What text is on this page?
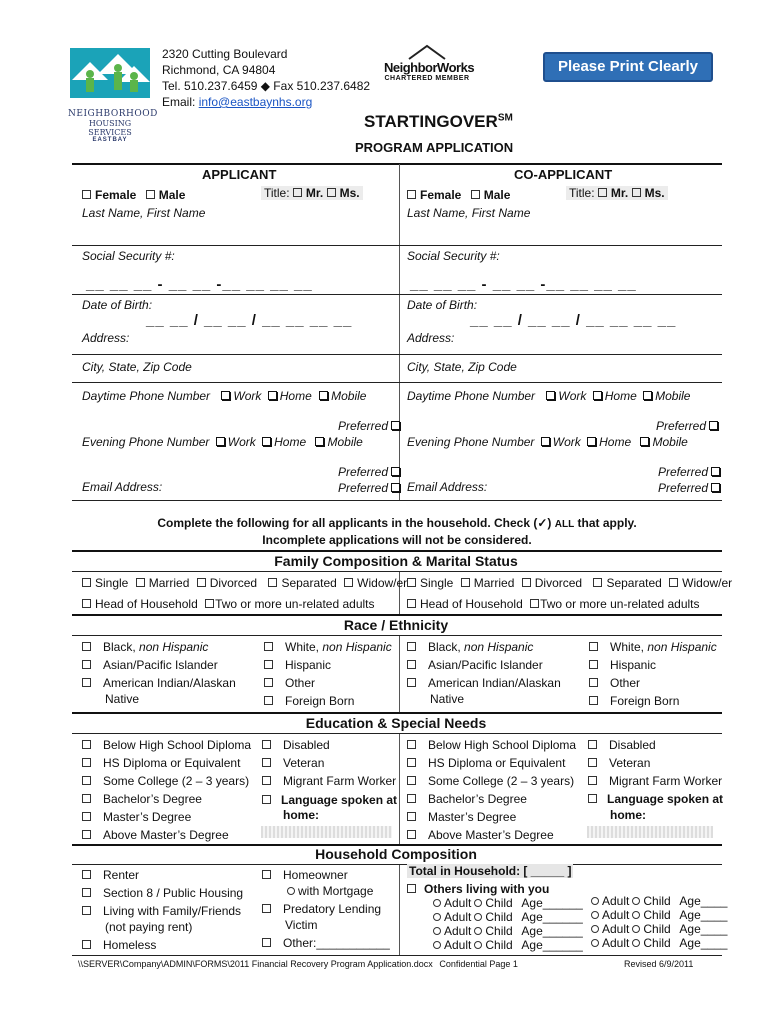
NEIGHBORHOOD
HOUSING SERVICES
EASTBAY
2320 Cutting Boulevard
Richmond, CA 94804
Tel. 510.237.6459 ◆ Fax 510.237.6482
Email: info@eastbaynhs.org
NeighborWorks
CHARTERED MEMBER
Please Print Clearly
STARTINGOVER℠
PROGRAM APPLICATION
APPLICANT	CO-APPLICANT
Female Male	Title: Mr. Ms.	Female Male	Title: Mr. Ms.
Last Name, First Name	Last Name, First Name
Social Security #:	Social Security #:
__ __ __ - __ __ -__ __ __ __	__ __ __ - __ __ -__ __ __ __
Date of Birth:	Date of Birth:
__ __ / __ __ / __ __ __ __	__ __ / __ __ / __ __ __ __
Address:	Address:
City, State, Zip Code	City, State, Zip Code
Daytime Phone Number Work Home Mobile	Daytime Phone Number Work Home Mobile
Preferred	Preferred
Evening Phone Number Work Home Mobile	Evening Phone Number Work Home Mobile
Preferred	Preferred
Email Address:	Preferred	Email Address:	Preferred
Complete the following for all applicants in the household. Check (✓) ALL that apply.
Incomplete applications will not be considered.
Family Composition & Marital Status
Single Married Divorced Separated Widow/er	Single Married Divorced Separated Widow/er
Head of Household Two or more un-related adults	Head of Household Two or more un-related adults
Race / Ethnicity
Black, non Hispanic
Asian/Pacific Islander
American Indian/Alaskan
Native
White, non Hispanic
Hispanic
Other
Foreign Born
Black, non Hispanic
Asian/Pacific Islander
American Indian/Alaskan
Native
White, non Hispanic
Hispanic
Other
Foreign Born
Education & Special Needs
Below High School Diploma
HS Diploma or Equivalent
Some College (2 – 3 years)
Bachelor’s Degree
Master’s Degree
Above Master’s Degree
Disabled
Veteran
Migrant Farm Worker
Below High School Diploma
HS Diploma or Equivalent
Some College (2 – 3 years)
Bachelor’s Degree
Master’s Degree
Above Master’s Degree
Disabled
Veteran
Migrant Farm Worker
Language spoken at
home:
Language spoken at
home:
Household Composition
Renter
Section 8 / Public Housing
Living with Family/Friends
(not paying rent)
Homeless
Homeowner
with Mortgage
Predatory Lending
Victim
Other:___________
Total in Household: [ _____ ]
Others living with you
Adult Child Age______
Adult Child Age______
Adult Child Age______
Adult Child Age______
Adult Child Age____
Adult Child Age____
Adult Child Age____
Adult Child Age____
\\SERVER\Company\ADMIN\FORMS\2011 Financial Recovery Program Application.docx Confidential Page 1	Revised 6/9/2011
